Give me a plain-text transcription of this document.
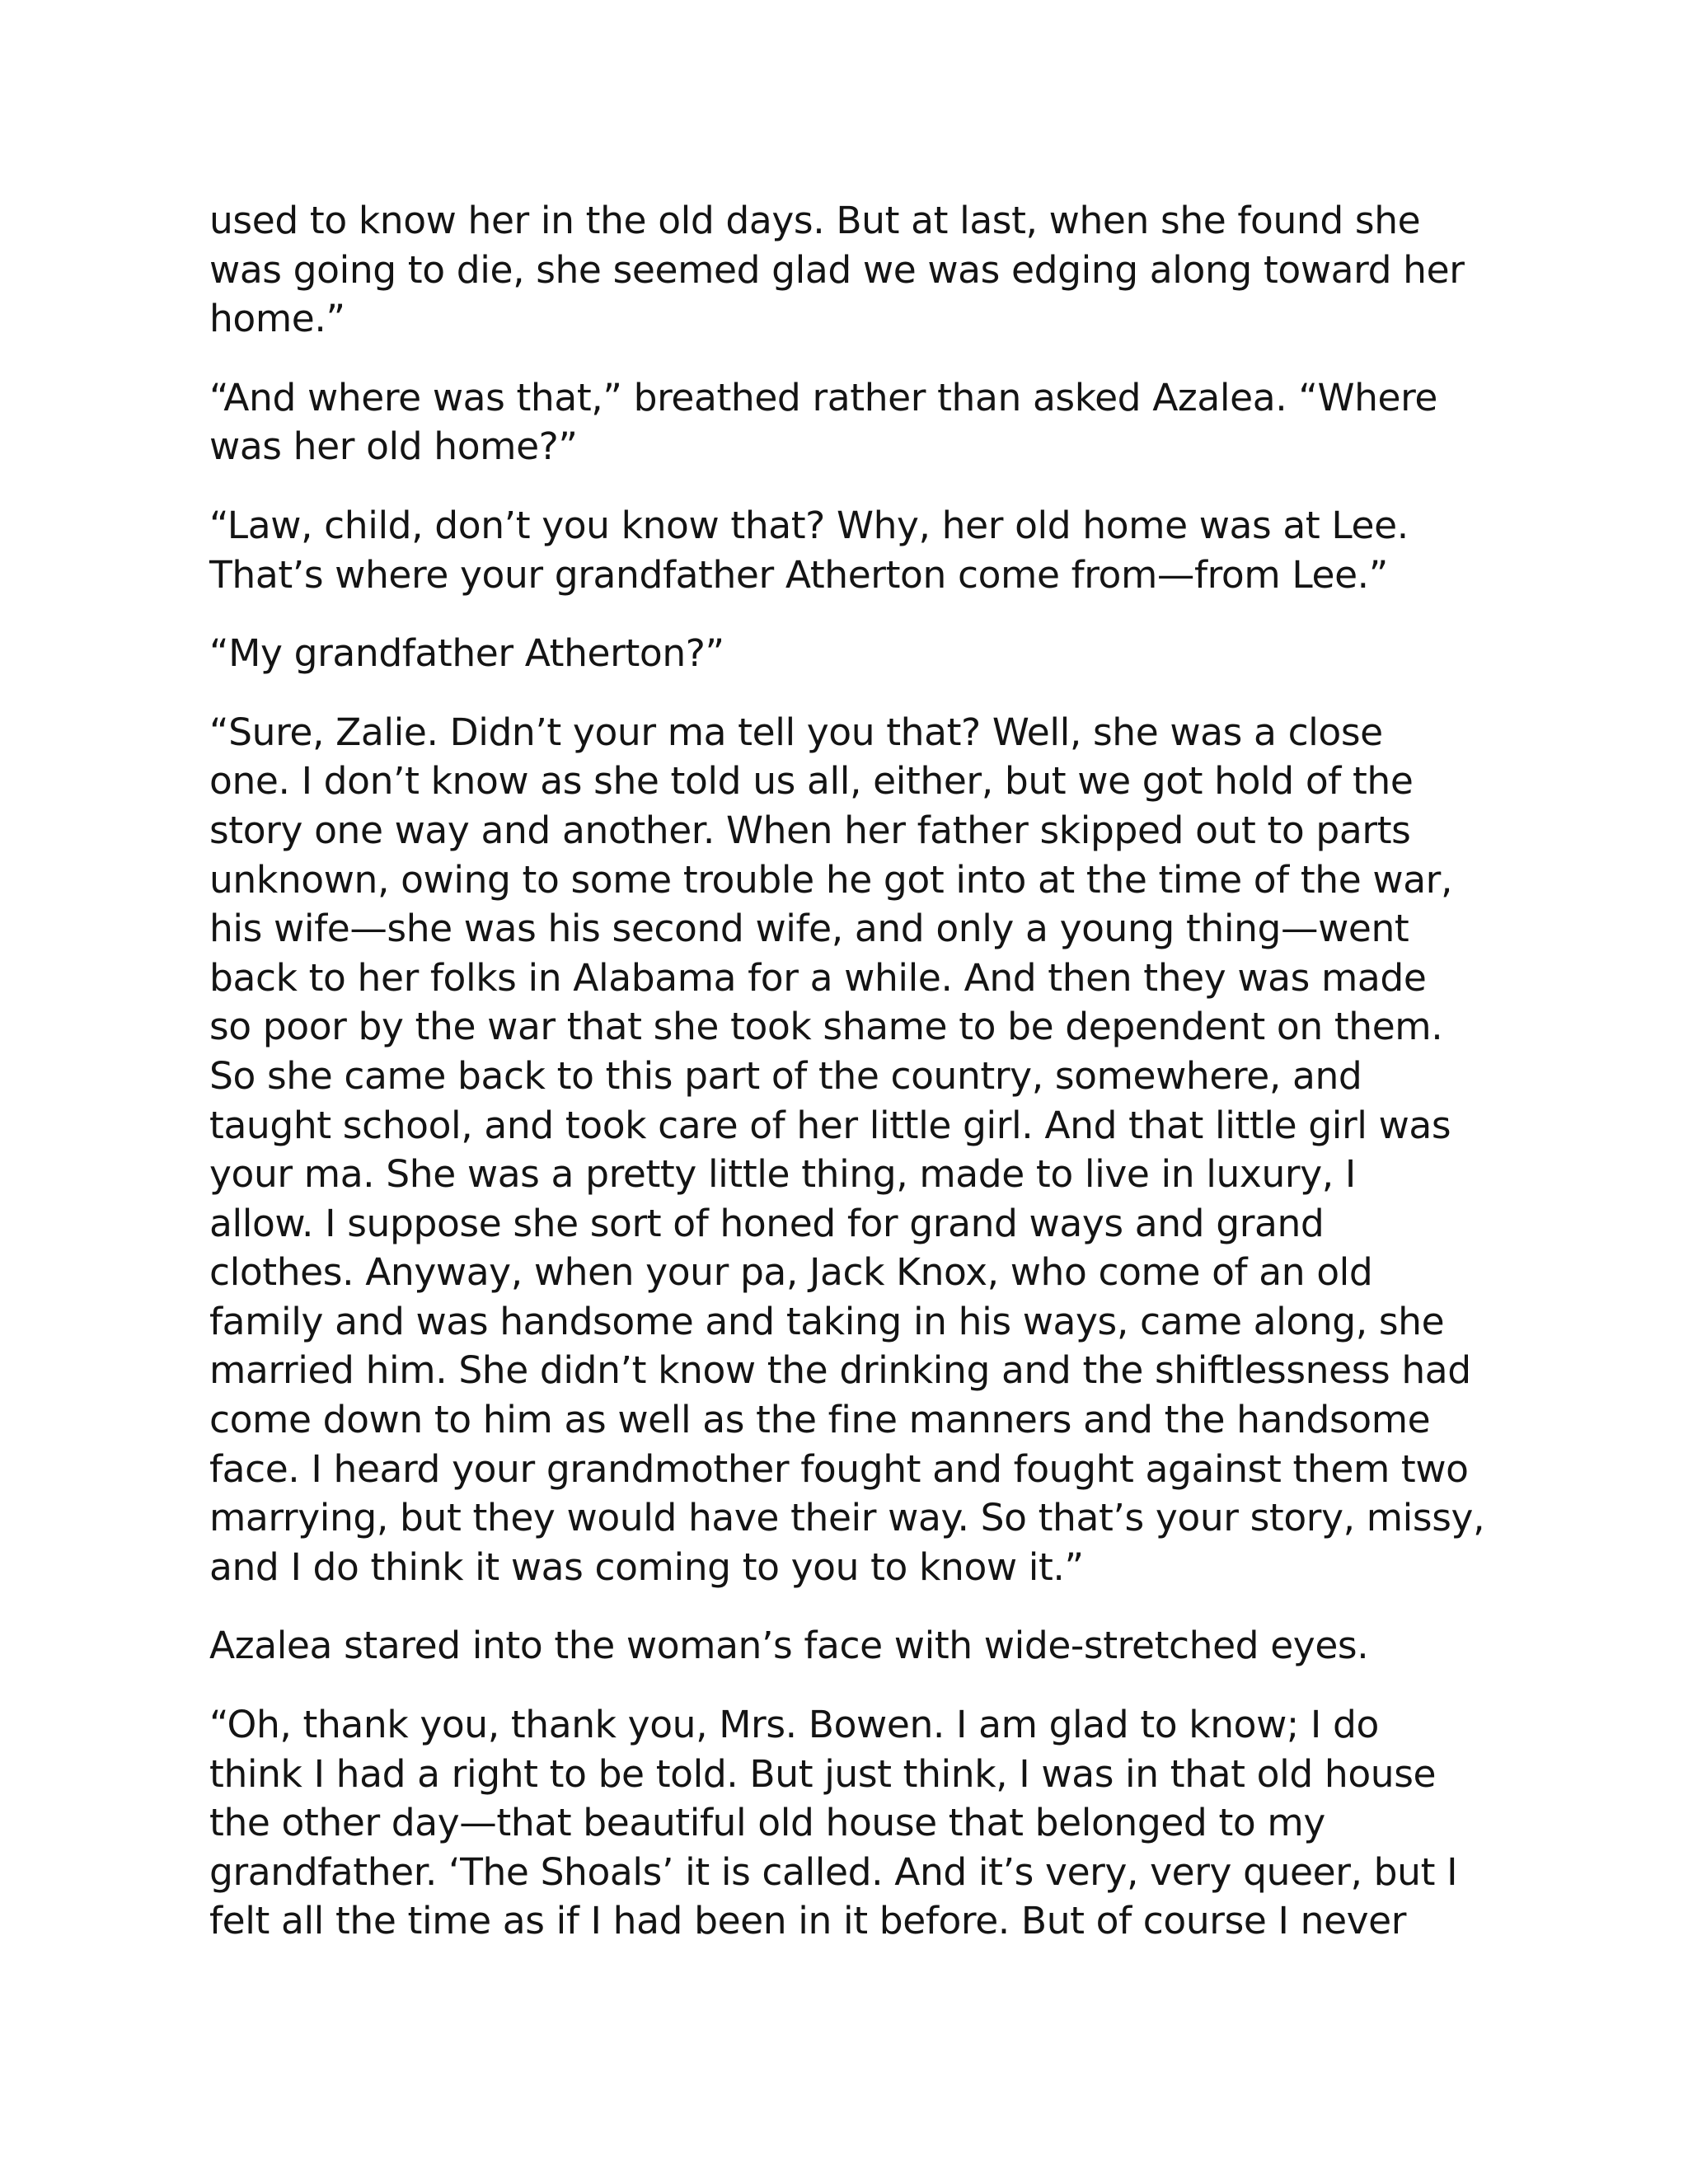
used to know her in the old days. But at last, when she found she
was going to die, she seemed glad we was edging along toward her
home.”

“And where was that,” breathed rather than asked Azalea. “Where
was her old home?”

“Law, child, don’t you know that? Why, her old home was at Lee.
That’s where your grandfather Atherton come from—from Lee.”

“My grandfather Atherton?”

“Sure, Zalie. Didn’t your ma tell you that? Well, she was a close
one. I don’t know as she told us all, either, but we got hold of the
story one way and another. When her father skipped out to parts
unknown, owing to some trouble he got into at the time of the war,
his wife—she was his second wife, and only a young thing—went
back to her folks in Alabama for a while. And then they was made
so poor by the war that she took shame to be dependent on them.
So she came back to this part of the country, somewhere, and
taught school, and took care of her little girl. And that little girl was
your ma. She was a pretty little thing, made to live in luxury, I
allow. I suppose she sort of honed for grand ways and grand
clothes. Anyway, when your pa, Jack Knox, who come of an old
family and was handsome and taking in his ways, came along, she
married him. She didn’t know the drinking and the shiftlessness had
come down to him as well as the fine manners and the handsome
face. I heard your grandmother fought and fought against them two
marrying, but they would have their way. So that’s your story, missy,
and I do think it was coming to you to know it.”

Azalea stared into the woman’s face with wide-stretched eyes.

“Oh, thank you, thank you, Mrs. Bowen. I am glad to know; I do
think I had a right to be told. But just think, I was in that old house
the other day—that beautiful old house that belonged to my
grandfather. ‘The Shoals’ it is called. And it’s very, very queer, but I
felt all the time as if I had been in it before. But of course I never
